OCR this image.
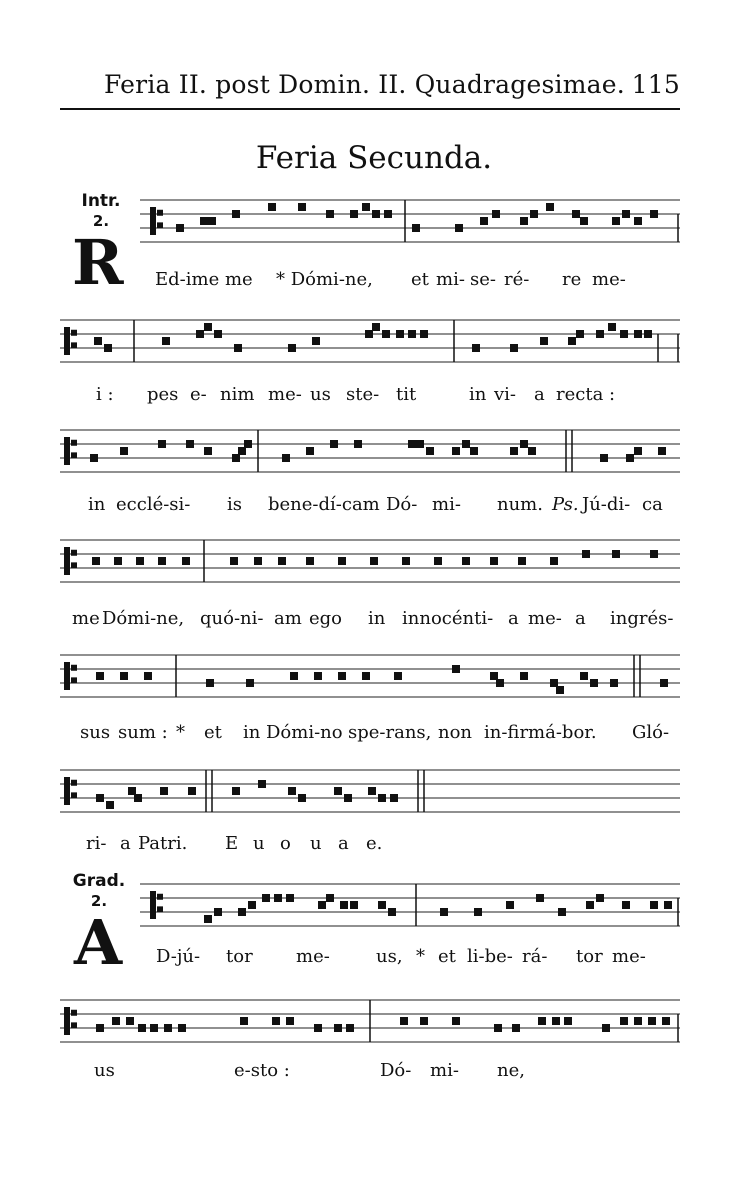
Feria II. post Domin. II. Quadragesimae. 115
Feria Secunda.
Intr.
2.
R
Grad.
2.
A
Ed-ime me * Dómi-ne, et mi- se- ré- re me-
i : pes e- nim me- us ste- tit	in vi- a recta :
in ecclé-si- is bene-dí-cam Dó- mi- num. Ps. Jú-di- ca
me Dómi-ne, quó-ni- am ego in innocénti- a me- a ingrés-
sus sum : * et in Dómi-no spe-rans, non in-firmá-bor. Gló-
ri- a Patri. E u o u a e.
D-jú- tor me-	us, * et li-be- rá- tor me-
us	e-sto :	Dó- mi- ne,
